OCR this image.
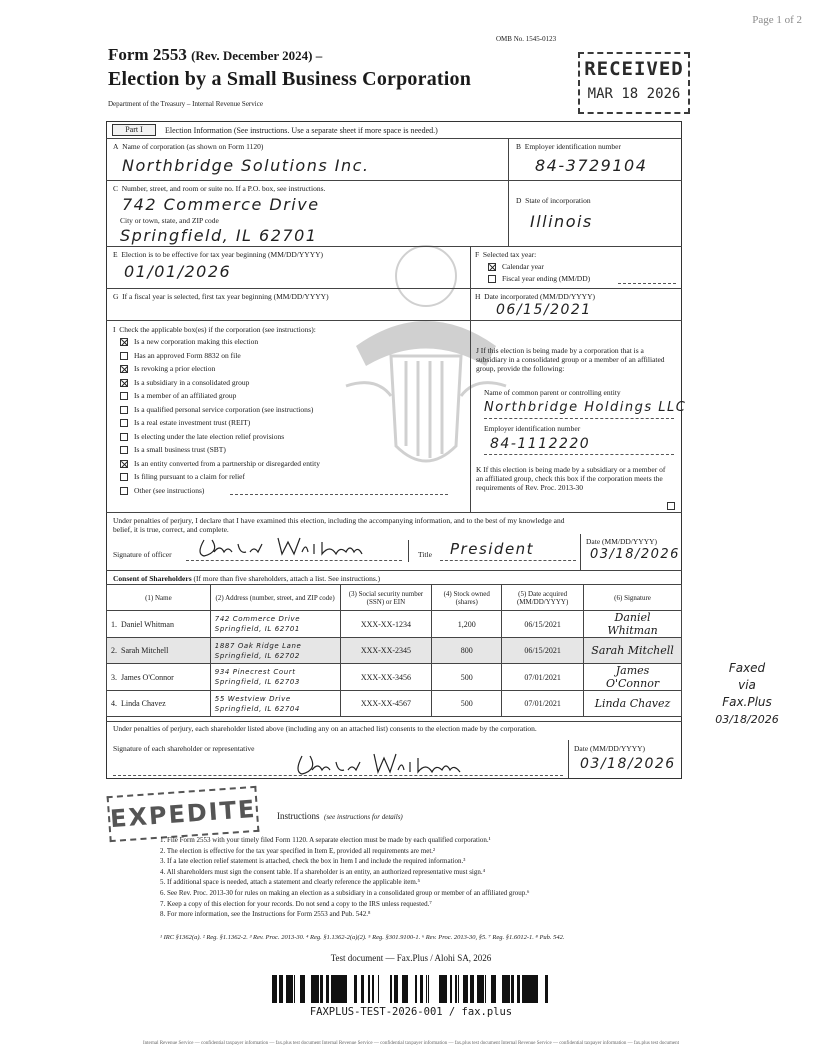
Page 1 of 2
OMB No. 1545-0123
Form 2553 (Rev. December 2024) –
Election by a Small Business Corporation
Department of the Treasury – Internal Revenue Service
RECEIVED
MAR 18 2026
Part I	Election Information (See instructions. Use a separate sheet if more space is needed.)
A Name of corporation (as shown on Form 1120)
Northbridge Solutions Inc.
B Employer identification number
84-3729104
C Number, street, and room or suite no. If a P.O. box, see instructions.
742 Commerce Drive
City or town, state, and ZIP code
Springfield, IL 62701
D State of incorporation
Illinois
E Election is to be effective for tax year beginning (MM/DD/YYYY)
01/01/2026
F Selected tax year:
Calendar year
Fiscal year ending (MM/DD)
G If a fiscal year is selected, first tax year beginning (MM/DD/YYYY)	H Date incorporated (MM/DD/YYYY)
06/15/2021
I Check the applicable box(es) if the corporation (see instructions):
Is a new corporation making this election
Has an approved Form 8832 on file
Is revoking a prior election
Is a subsidiary in a consolidated group
Is a member of an affiliated group
Is a qualified personal service corporation (see instructions)
Is a real estate investment trust (REIT)
Is electing under the late election relief provisions
Is a small business trust (SBT)
Is an entity converted from a partnership or disregarded entity
Is filing pursuant to a claim for relief
Other (see instructions)
J If this election is being made by a corporation that is a subsidiary in a consolidated group or a member of an affiliated group, provide the following:
Name of common parent or controlling entity
Northbridge Holdings LLC
Employer identification number
84-1112220
K If this election is being made by a subsidiary or a member of an affiliated group, check this box if the corporation meets the requirements of Rev. Proc. 2013-30
Under penalties of perjury, I declare that I have examined this election, including the accompanying information, and to the best of my knowledge and belief, it is true, correct, and complete.
Signature of officer	Title President	Date (MM/DD/YYYY)
03/18/2026
Consent of Shareholders (If more than five shareholders, attach a list. See instructions.)
(1) Name	(2) Address (number, street, and ZIP code)	(3) Social security number (SSN) or EIN	(4) Stock owned (shares)	(5) Date acquired (MM/DD/YYYY)	(6) Signature
1. Daniel Whitman	742 Commerce Drive
Springfield, IL 62701	XXX-XX-1234	1,200	06/15/2021	Daniel Whitman
2. Sarah Mitchell	1887 Oak Ridge Lane
Springfield, IL 62702	XXX-XX-2345	800	06/15/2021	Sarah Mitchell
3. James O'Connor	934 Pinecrest Court
Springfield, IL 62703	XXX-XX-3456	500	07/01/2021	James O'Connor
4. Linda Chavez	55 Westview Drive
Springfield, IL 62704	XXX-XX-4567	500	07/01/2021	Linda Chavez
Under penalties of perjury, each shareholder listed above (including any on an attached list) consents to the election made by the corporation.
Signature of each shareholder or representative	Date (MM/DD/YYYY)
03/18/2026
Faxed
via
Fax.Plus
03/18/2026
EXPEDITE Instructions (see instructions for details)
1. File Form 2553 with your timely filed Form 1120. A separate election must be made by each qualified corporation.¹
2. The election is effective for the tax year specified in Item E, provided all requirements are met.²
3. If a late election relief statement is attached, check the box in Item I and include the required information.³
4. All shareholders must sign the consent table. If a shareholder is an entity, an authorized representative must sign.⁴
5. If additional space is needed, attach a statement and clearly reference the applicable item.⁵
6. See Rev. Proc. 2013-30 for rules on making an election as a subsidiary in a consolidated group or member of an affiliated group.⁶
7. Keep a copy of this election for your records. Do not send a copy to the IRS unless requested.⁷
8. For more information, see the Instructions for Form 2553 and Pub. 542.⁸
¹ IRC §1362(a). ² Reg. §1.1362-2. ³ Rev. Proc. 2013-30. ⁴ Reg. §1.1362-2(a)(2). ⁵ Reg. §301.9100-1. ⁶ Rev. Proc. 2013-30, §5. ⁷ Reg. §1.6012-1. ⁸ Pub. 542.
Test document — Fax.Plus / Alohi SA, 2026
FAXPLUS-TEST-2026-001 / fax.plus
Internal Revenue Service — confidential taxpayer information — fax.plus test document Internal Revenue Service — confidential taxpayer information — fax.plus test document Internal Revenue Service — confidential taxpayer information — fax.plus test document
